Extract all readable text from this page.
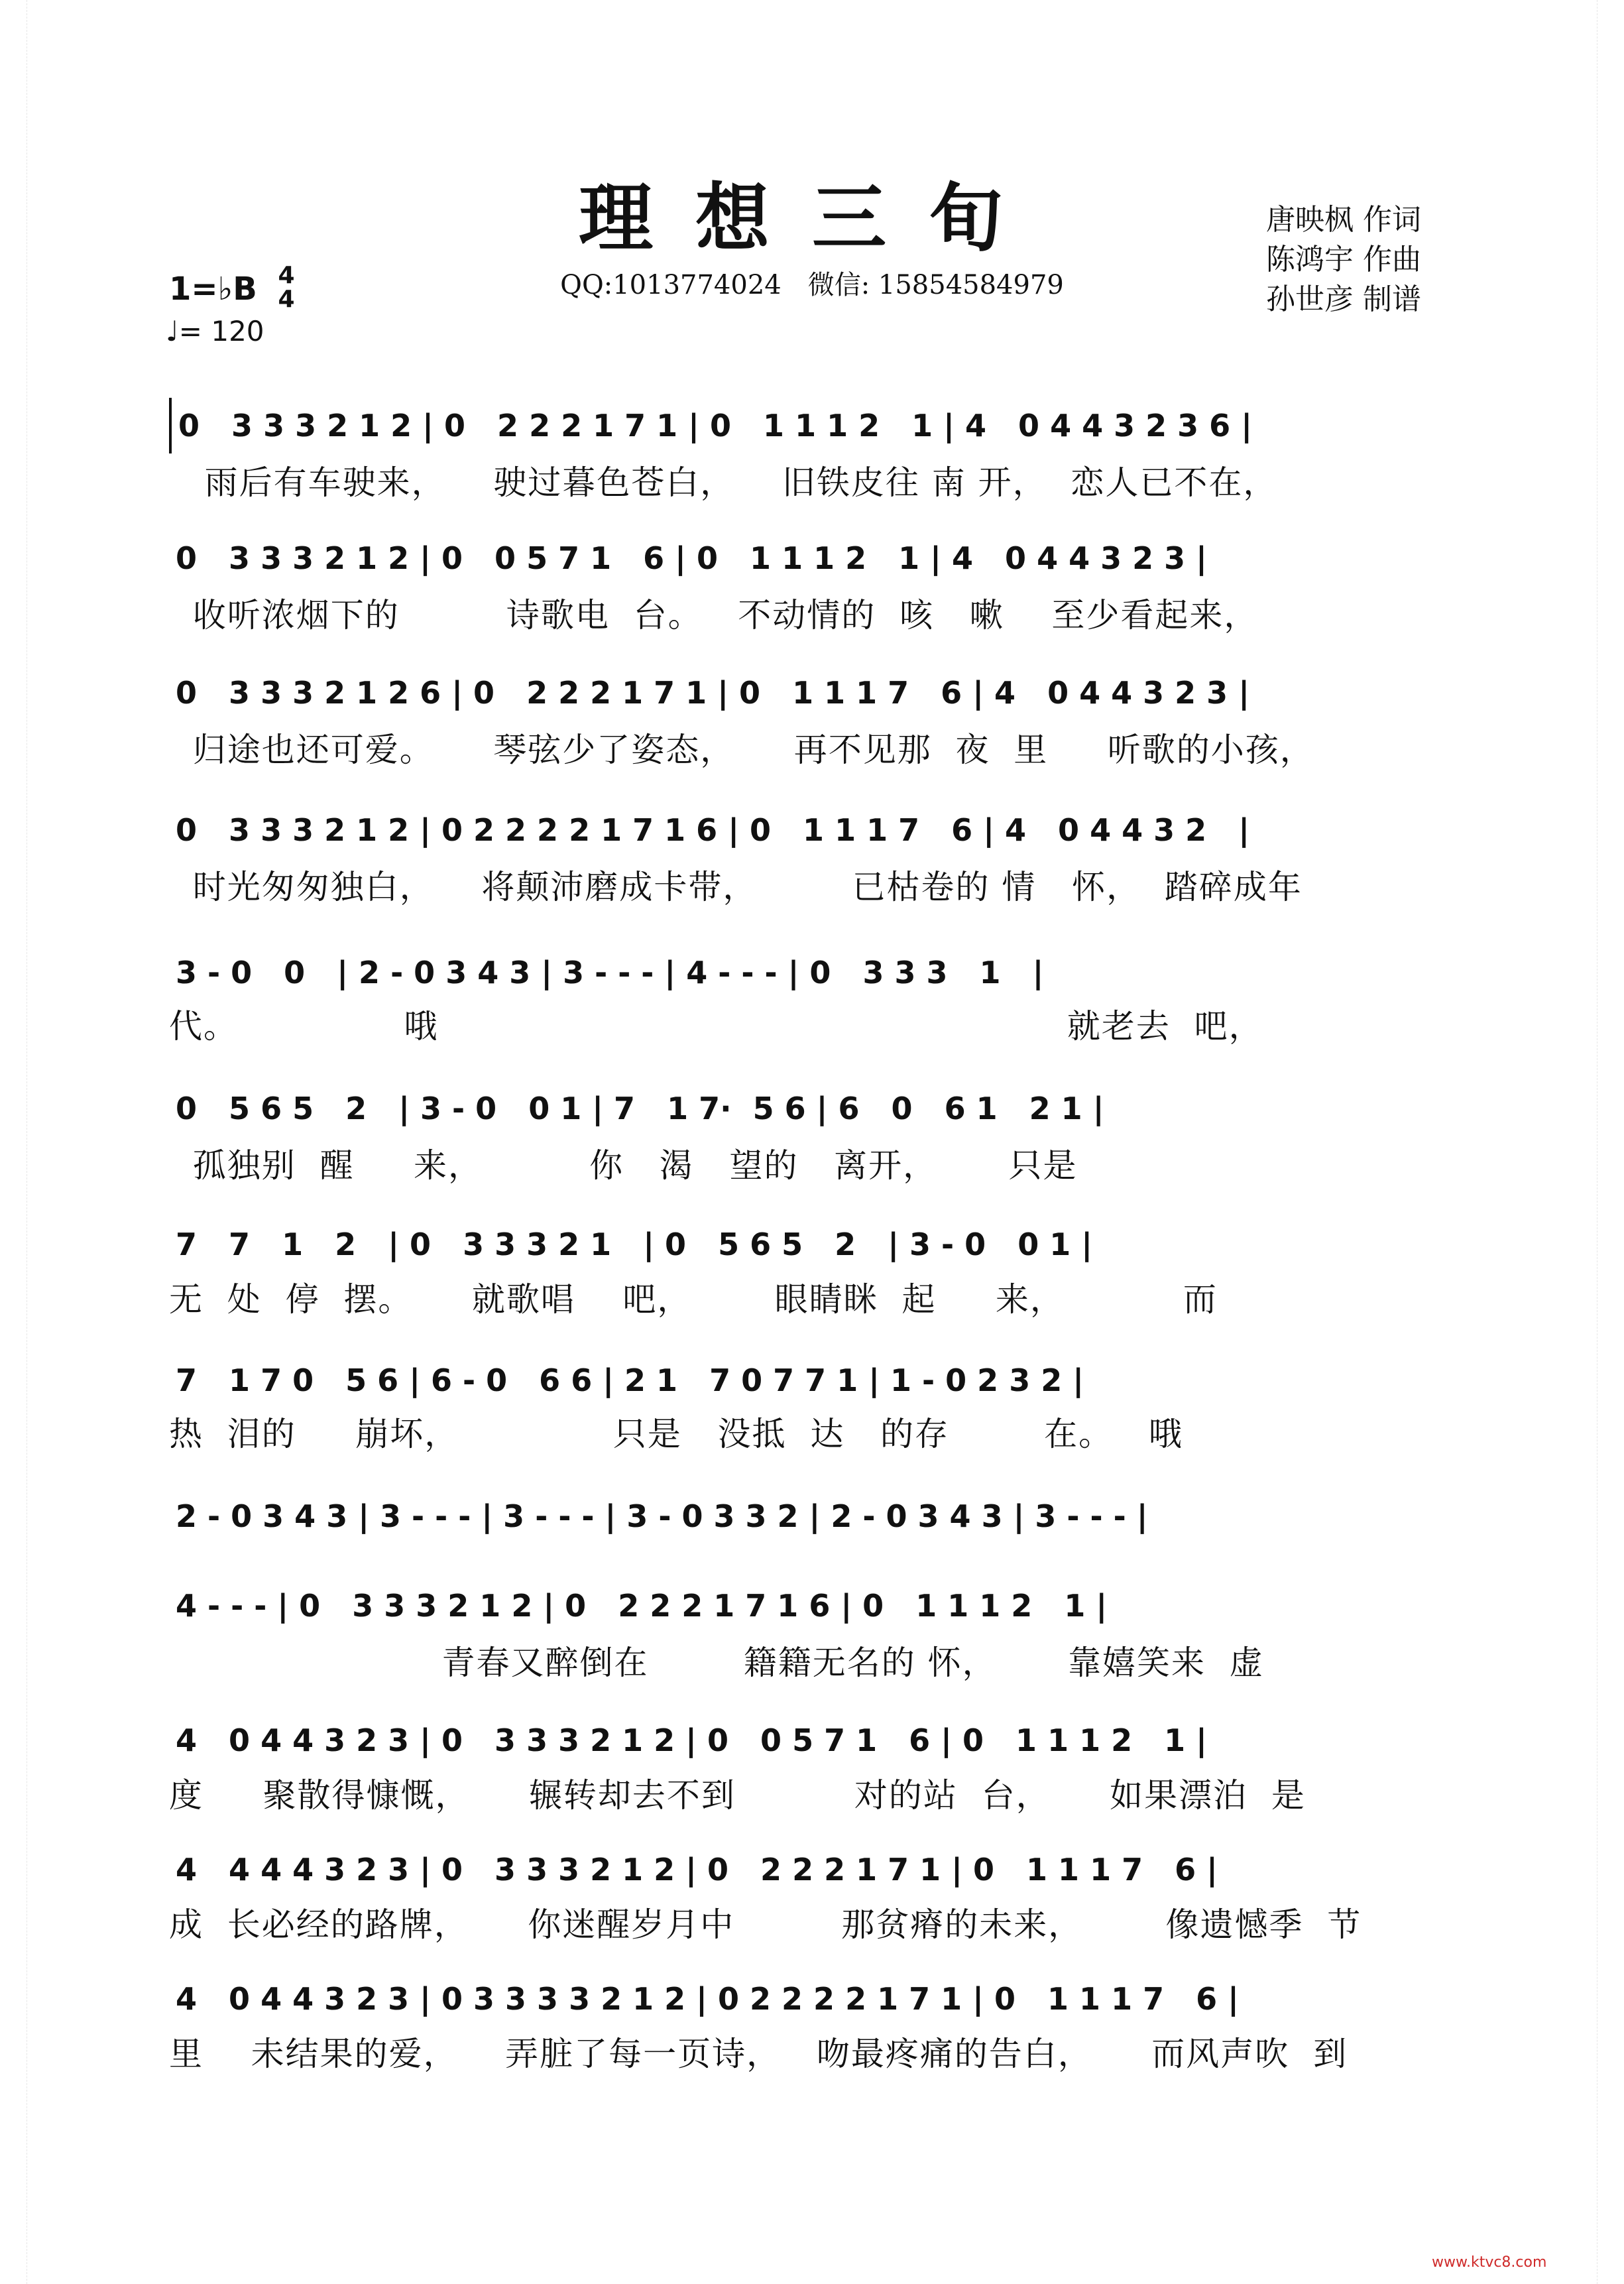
理想三旬
QQ:1013774024　微信: 15854584979
唐映枫 作词
陈鸿宇 作曲
孙世彦 制谱
1=♭B 4
4
♩= 120
0   3 3 3 2 1 2 | 0   2 2 2 1 7 1 | 0   1 1 1 2   1 | 4   0 4 4 3 2 3 6 |
雨后有车驶来，    驶过暮色苍白，    旧铁皮往 南 开，  恋人已不在，
0   3 3 3 2 1 2 | 0   0 5 7 1   6 | 0   1 1 1 2   1 | 4   0 4 4 3 2 3 |
收听浓烟下的         诗歌电  台。   不动情的  咳   嗽    至少看起来，
0   3 3 3 2 1 2 6 | 0   2 2 2 1 7 1 | 0   1 1 1 7   6 | 4   0 4 4 3 2 3 |
归途也还可爱。     琴弦少了姿态，     再不见那  夜  里     听歌的小孩，
0   3 3 3 2 1 2 | 0 2 2 2 2 1 7 1 6 | 0   1 1 1 7   6 | 4   0 4 4 3 2   |
时光匆匆独白，    将颠沛磨成卡带，        已枯卷的 情   怀，  踏碎成年
3 - 0   0   | 2 - 0 3 4 3 | 3 - - - | 4 - - - | 0   3 3 3   1   |
代。              哦                                                     就老去  吧，
0   5 6 5   2   | 3 - 0   0 1 | 7   1 7·  5 6 | 6   0   6 1   2 1 |
孤独别  醒     来，         你   渴   望的   离开，      只是
7   7   1   2   | 0   3 3 3 2 1   | 0   5 6 5   2   | 3 - 0   0 1 |
无  处  停  摆。     就歌唱    吧，       眼睛眯  起     来，          而
7   1 7 0   5 6 | 6 - 0   6 6 | 2 1   7 0 7 7 1 | 1 - 0 2 3 2 |
热  泪的     崩坏，             只是   没抵  达   的存        在。   哦
2 - 0 3 4 3 | 3 - - - | 3 - - - | 3 - 0 3 3 2 | 2 - 0 3 4 3 | 3 - - - |
4 - - - | 0   3 3 3 2 1 2 | 0   2 2 2 1 7 1 6 | 0   1 1 1 2   1 |
青春又醉倒在        籍籍无名的 怀，      靠嬉笑来  虚
4   0 4 4 3 2 3 | 0   3 3 3 2 1 2 | 0   0 5 7 1   6 | 0   1 1 1 2   1 |
度     聚散得慷慨，     辗转却去不到          对的站  台，     如果漂泊  是
4   4 4 4 3 2 3 | 0   3 3 3 2 1 2 | 0   2 2 2 1 7 1 | 0   1 1 1 7   6 |
成  长必经的路牌，     你迷醒岁月中         那贫瘠的未来，       像遗憾季  节
4   0 4 4 3 2 3 | 0 3 3 3 3 2 1 2 | 0 2 2 2 2 1 7 1 | 0   1 1 1 7   6 |
里    未结果的爱，    弄脏了每一页诗，   吻最疼痛的告白，     而风声吹  到
www.ktvc8.com
